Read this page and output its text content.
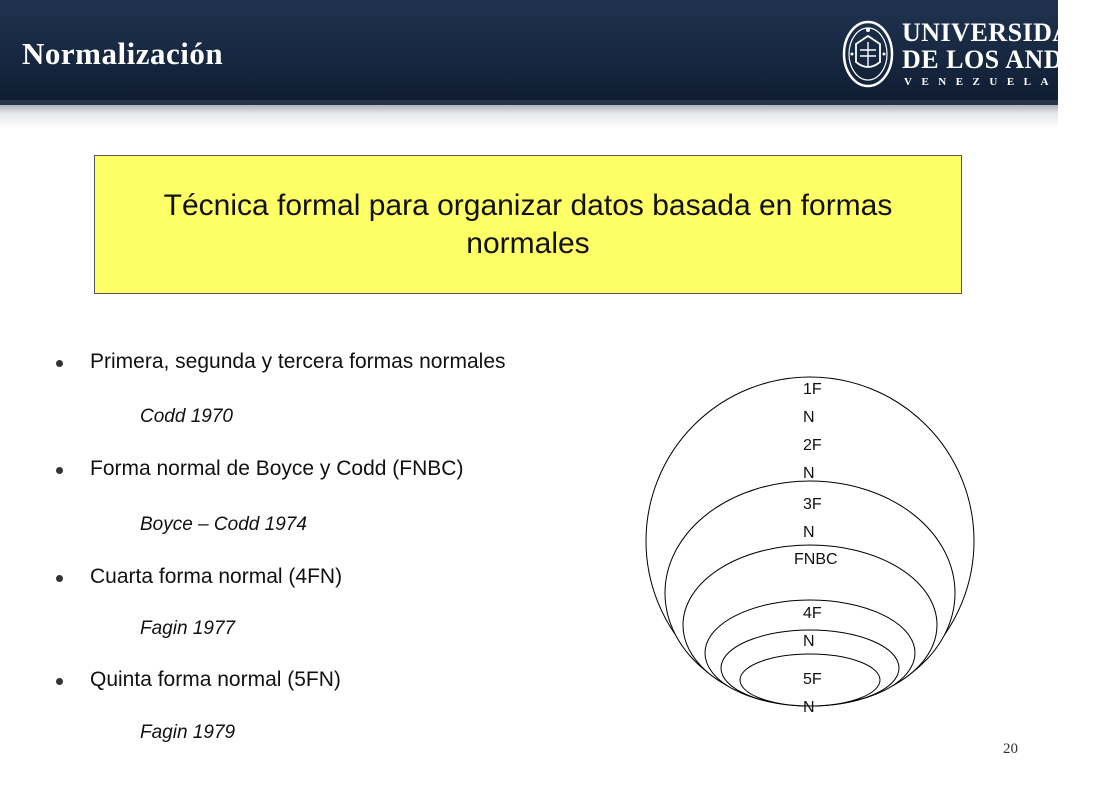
Normalización
UNIVERSIDAD
DE LOS ANDES
VENEZUELA
Técnica formal para organizar datos basada en formas normales
Primera, segunda y tercera formas normales
Codd 1970
Forma normal de Boyce y Codd (FNBC)
Boyce – Codd 1974
Cuarta forma normal (4FN)
Fagin 1977
Quinta forma normal (5FN)
Fagin 1979
1FN
2FN
3FN
FNBC
4FN
5FN
20
